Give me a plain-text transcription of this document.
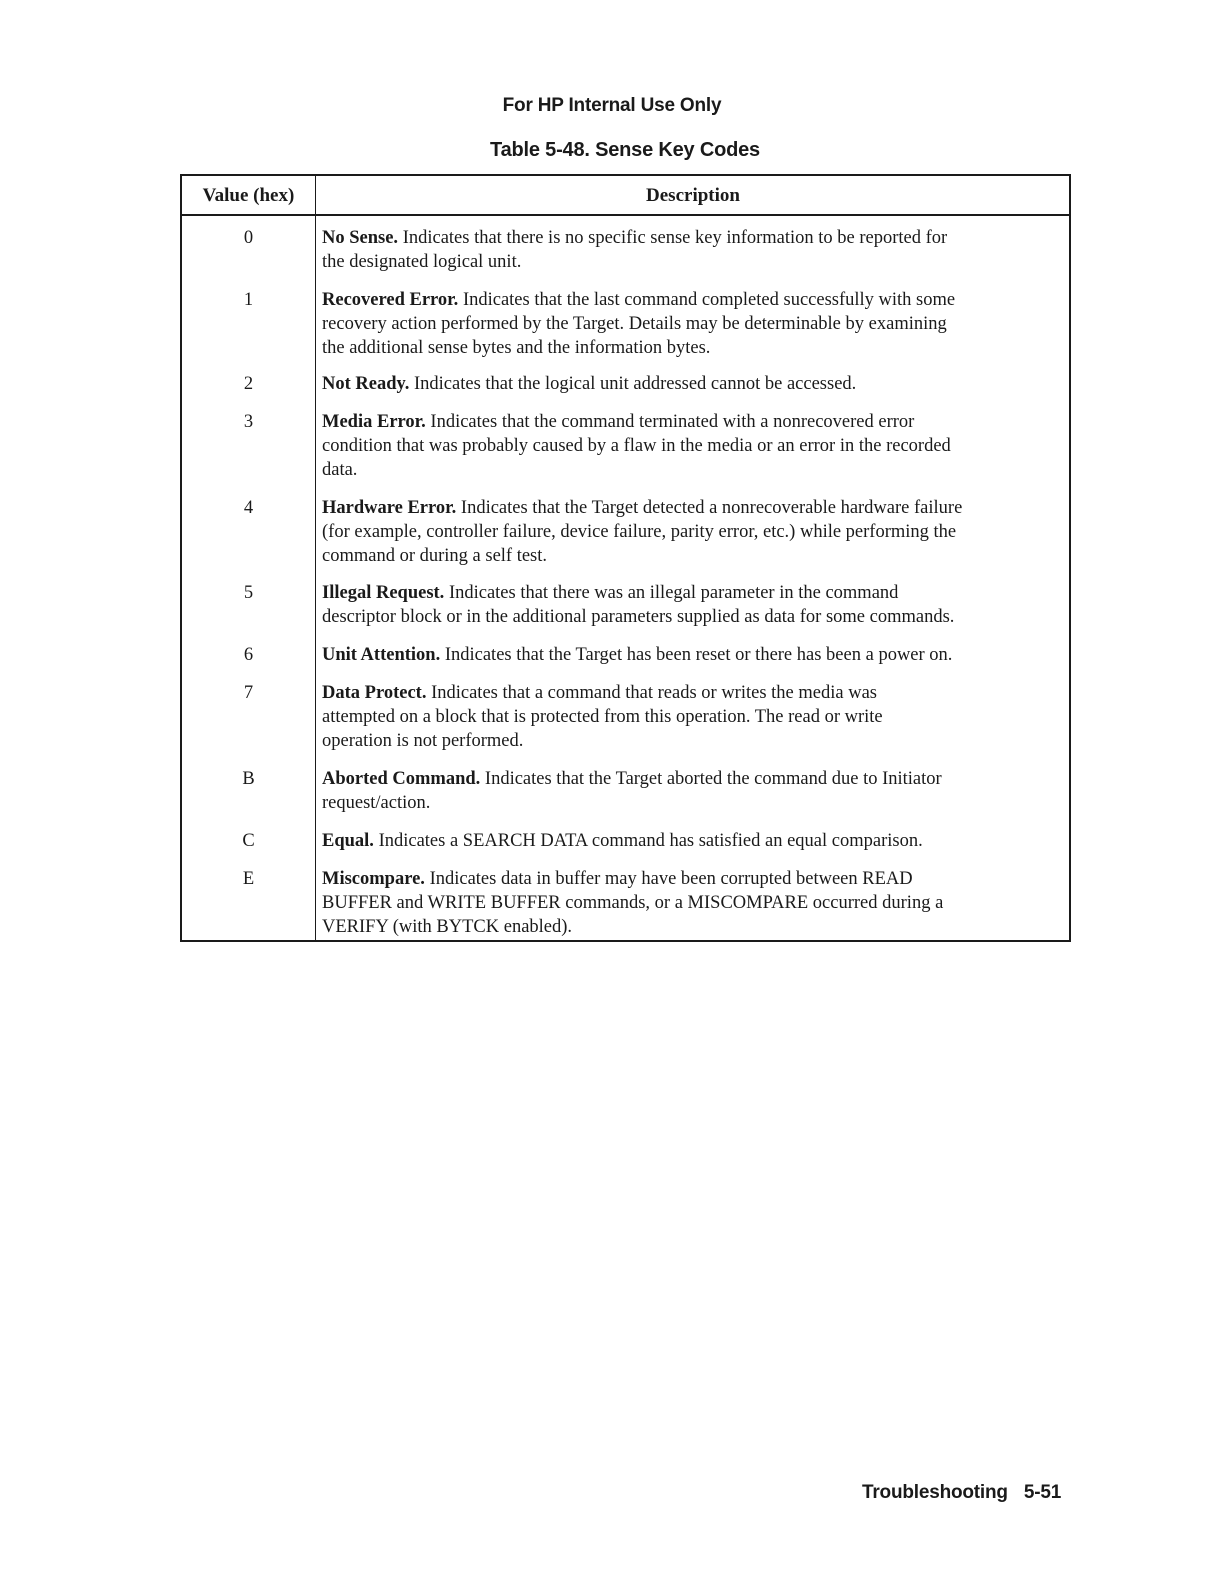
For HP Internal Use Only
Table 5-48. Sense Key Codes
Value (hex)	Description
0	No Sense. Indicates that there is no specific sense key information to be reported for
the designated logical unit.
1	Recovered Error. Indicates that the last command completed successfully with some
recovery action performed by the Target. Details may be determinable by examining
the additional sense bytes and the information bytes.
2	Not Ready. Indicates that the logical unit addressed cannot be accessed.
3	Media Error. Indicates that the command terminated with a nonrecovered error
condition that was probably caused by a flaw in the media or an error in the recorded
data.
4	Hardware Error. Indicates that the Target detected a nonrecoverable hardware failure
(for example, controller failure, device failure, parity error, etc.) while performing the
command or during a self test.
5	Illegal Request. Indicates that there was an illegal parameter in the command
descriptor block or in the additional parameters supplied as data for some commands.
6	Unit Attention. Indicates that the Target has been reset or there has been a power on.
7	Data Protect. Indicates that a command that reads or writes the media was
attempted on a block that is protected from this operation. The read or write
operation is not performed.
B	Aborted Command. Indicates that the Target aborted the command due to Initiator
request/action.
C	Equal. Indicates a SEARCH DATA command has satisfied an equal comparison.
E	Miscompare. Indicates data in buffer may have been corrupted between READ
BUFFER and WRITE BUFFER commands, or a MISCOMPARE occurred during a
VERIFY (with BYTCK enabled).
Troubleshooting 5-51
